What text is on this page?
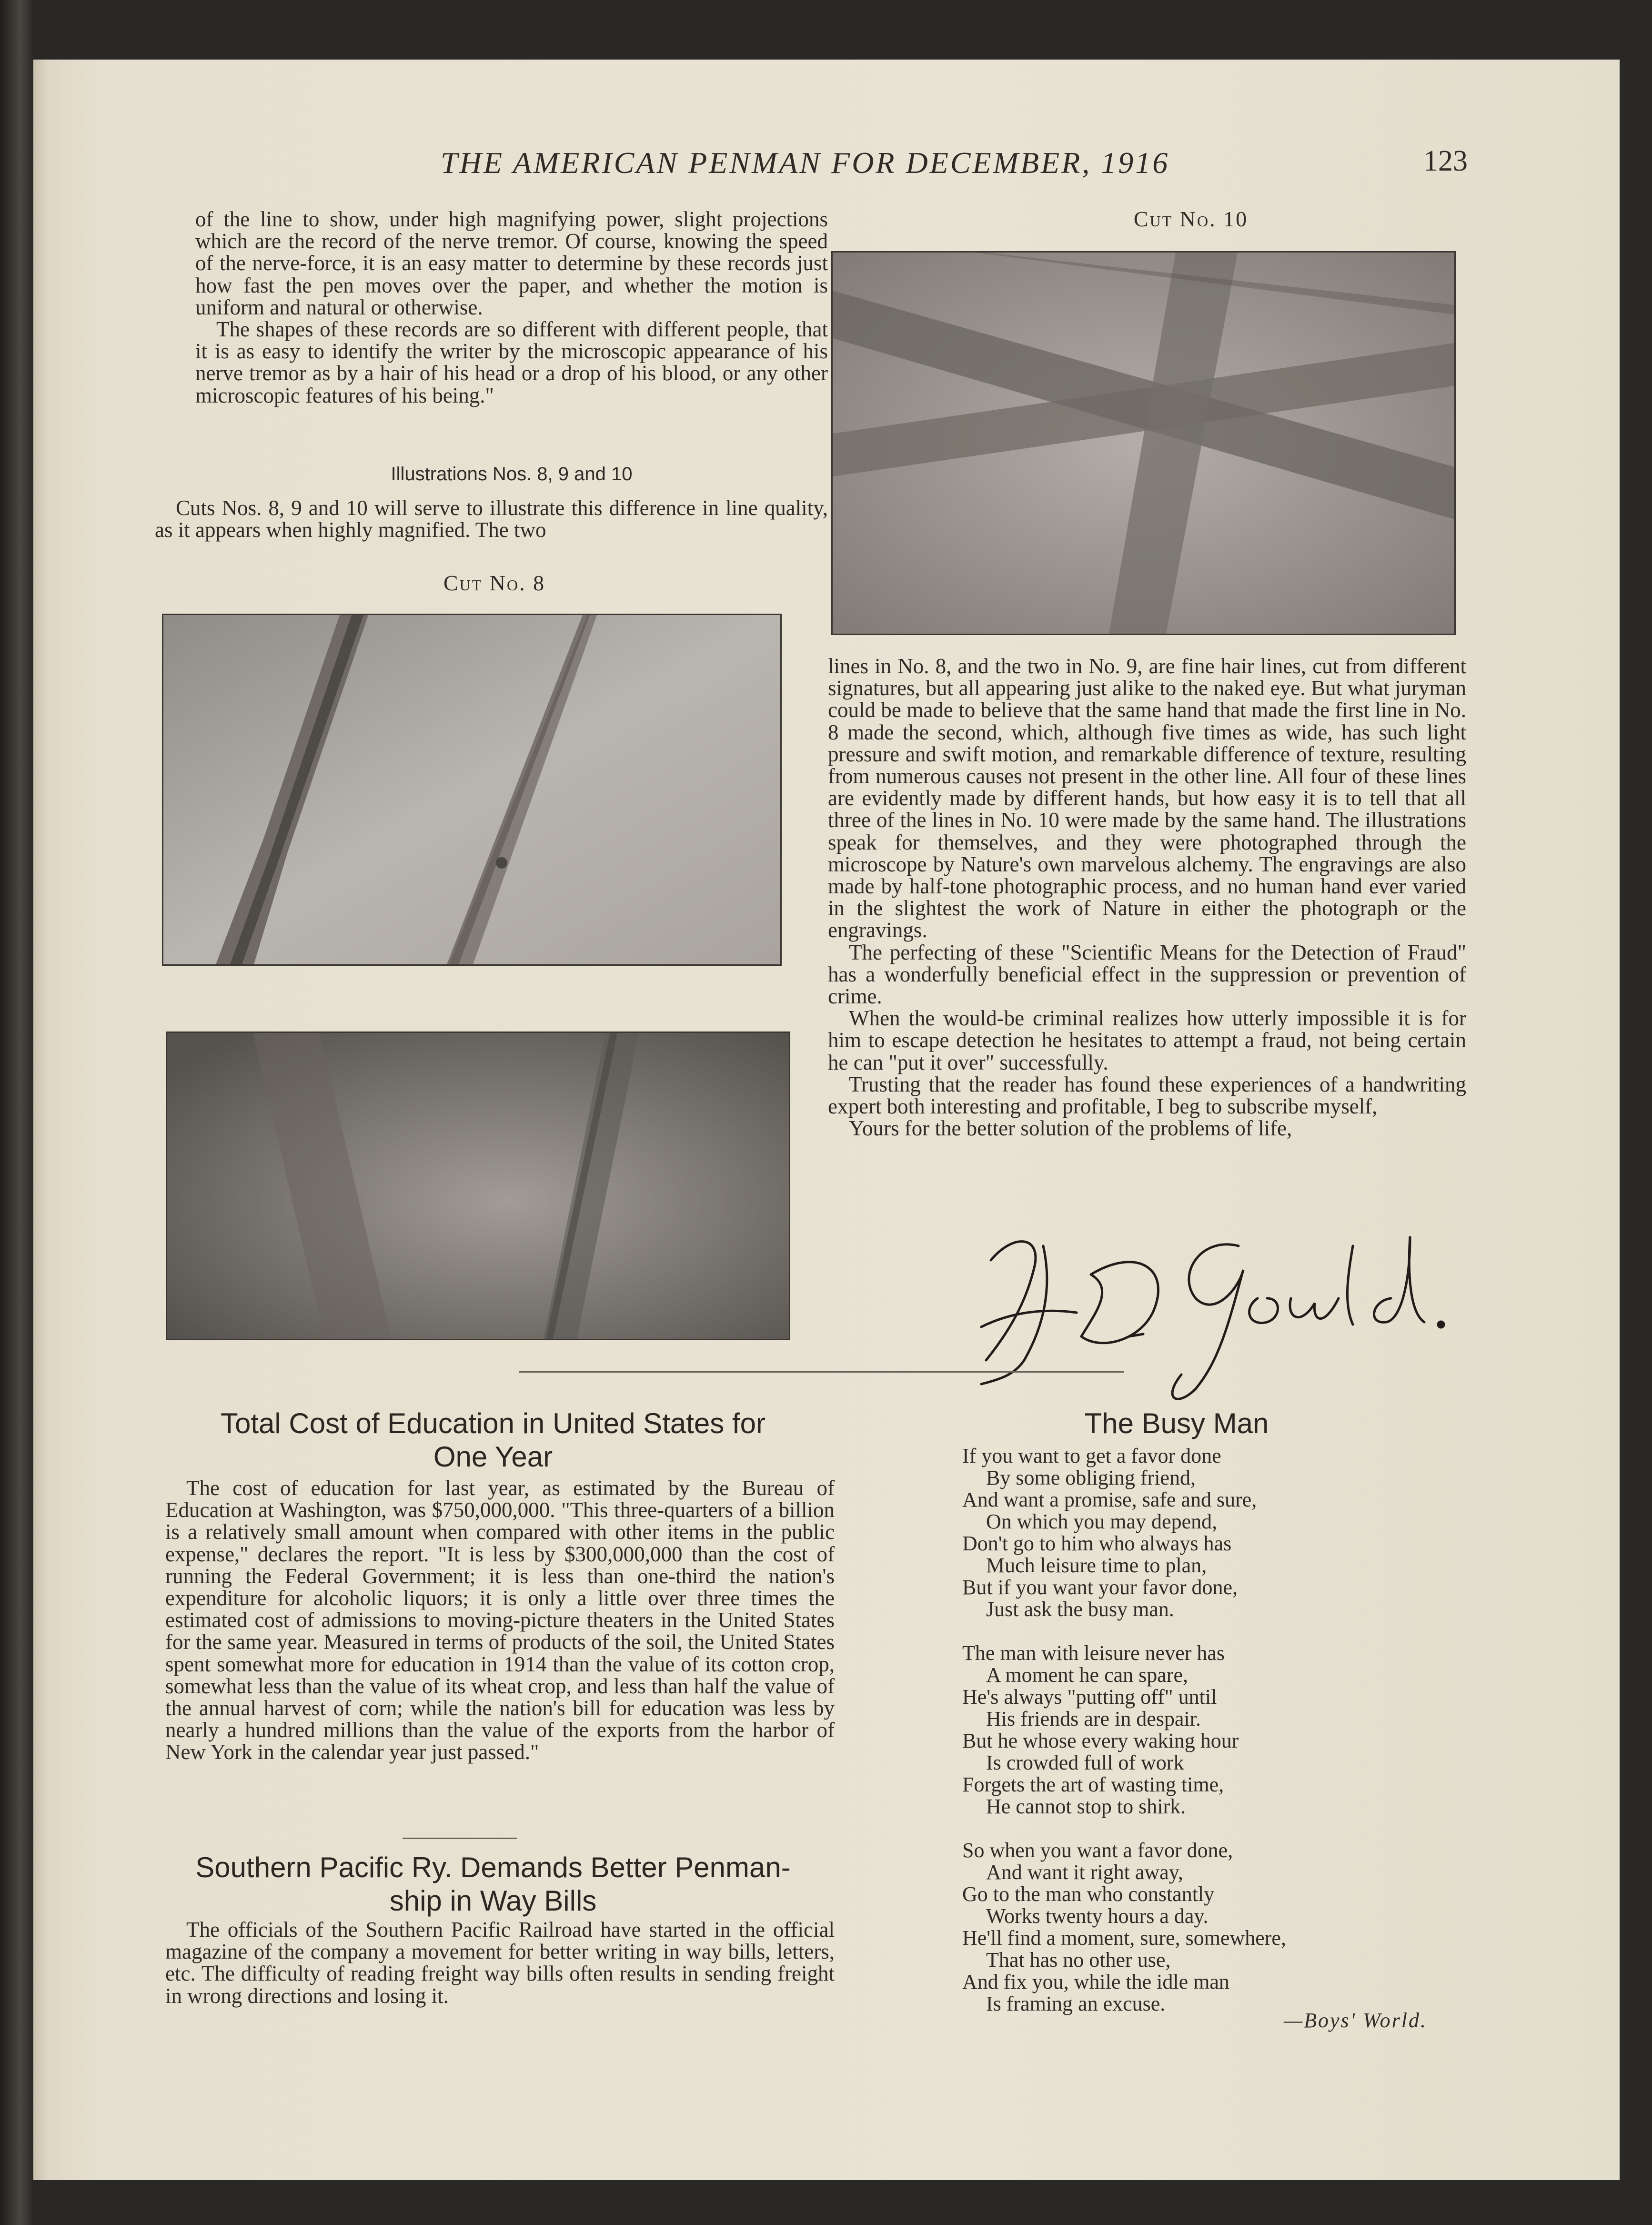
THE AMERICAN PENMAN FOR DECEMBER, 1916	123

of the line to show, under high magnifying power, slight projections which are the record of the nerve tremor. Of course, knowing the speed of the nerve-force, it is an easy matter to determine by these records just how fast the pen moves over the paper, and whether the motion is uniform and natural or otherwise.

The shapes of these records are so different with different people, that it is as easy to identify the writer by the microscopic appearance of his nerve tremor as by a hair of his head or a drop of his blood, or any other microscopic features of his being."

Illustrations Nos. 8, 9 and 10

Cuts Nos. 8, 9 and 10 will serve to illustrate this difference in line quality, as it appears when highly magnified. The two

Cut No. 8
Cut No. 10

lines in No. 8, and the two in No. 9, are fine hair lines, cut from different signatures, but all appearing just alike to the naked eye. But what juryman could be made to believe that the same hand that made the first line in No. 8 made the second, which, although five times as wide, has such light pressure and swift motion, and remarkable difference of texture, resulting from numerous causes not present in the other line. All four of these lines are evidently made by different hands, but how easy it is to tell that all three of the lines in No. 10 were made by the same hand. The illustrations speak for themselves, and they were photographed through the microscope by Nature's own marvelous alchemy. The engravings are also made by half-tone photographic process, and no human hand ever varied in the slightest the work of Nature in either the photograph or the engravings.

The perfecting of these "Scientific Means for the Detection of Fraud" has a wonderfully beneficial effect in the suppression or prevention of crime.

When the would-be criminal realizes how utterly impossible it is for him to escape detection he hesitates to attempt a fraud, not being certain he can "put it over" successfully.

Trusting that the reader has found these experiences of a handwriting expert both interesting and profitable, I beg to subscribe myself,

Yours for the better solution of the problems of life,

Total Cost of Education in United States for
One Year

The cost of education for last year, as estimated by the Bureau of Education at Washington, was $750,000,000. "This three-quarters of a billion is a relatively small amount when compared with other items in the public expense," declares the report. "It is less by $300,000,000 than the cost of running the Federal Government; it is less than one-third the nation's expenditure for alcoholic liquors; it is only a little over three times the estimated cost of admissions to moving-picture theaters in the United States for the same year. Measured in terms of products of the soil, the United States spent somewhat more for education in 1914 than the value of its cotton crop, somewhat less than the value of its wheat crop, and less than half the value of the annual harvest of corn; while the nation's bill for education was less by nearly a hundred millions than the value of the exports from the harbor of New York in the calendar year just passed."

Southern Pacific Ry. Demands Better Penman-
ship in Way Bills

The officials of the Southern Pacific Railroad have started in the official magazine of the company a movement for better writing in way bills, letters, etc. The difficulty of reading freight way bills often results in sending freight in wrong directions and losing it.

The Busy Man
If you want to get a favor done
By some obliging friend,
And want a promise, safe and sure,
On which you may depend,
Don't go to him who always has
Much leisure time to plan,
But if you want your favor done,
Just ask the busy man.
The man with leisure never has
A moment he can spare,
He's always "putting off" until
His friends are in despair.
But he whose every waking hour
Is crowded full of work
Forgets the art of wasting time,
He cannot stop to shirk.
So when you want a favor done,
And want it right away,
Go to the man who constantly
Works twenty hours a day.
He'll find a moment, sure, somewhere,
That has no other use,
And fix you, while the idle man
Is framing an excuse.
—Boys' World.
